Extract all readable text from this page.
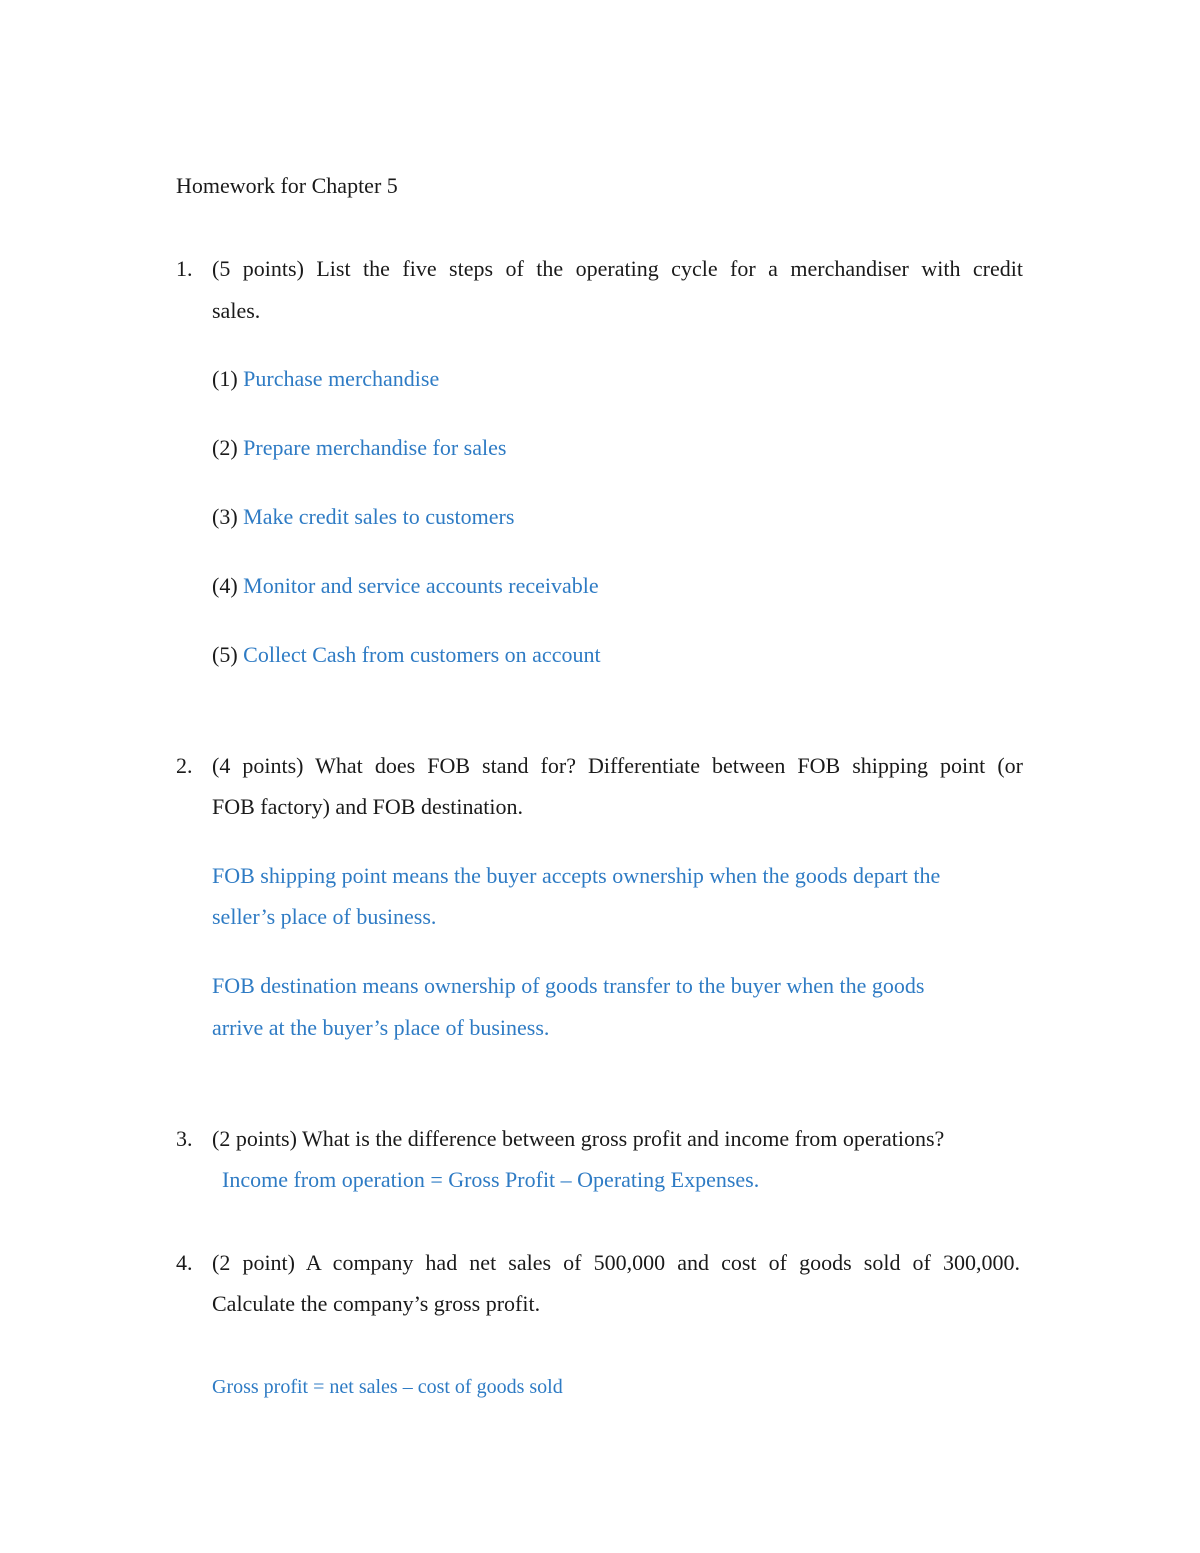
Homework for Chapter 5
1. (5 points) List the five steps of the operating cycle for a merchandiser with credit
sales.
(1) Purchase merchandise
(2) Prepare merchandise for sales
(3) Make credit sales to customers
(4) Monitor and service accounts receivable
(5) Collect Cash from customers on account
2. (4 points) What does FOB stand for? Differentiate between FOB shipping point (or
FOB factory) and FOB destination.
FOB shipping point means the buyer accepts ownership when the goods depart the
seller’s place of business.
FOB destination means ownership of goods transfer to the buyer when the goods
arrive at the buyer’s place of business.
3. (2 points) What is the difference between gross profit and income from operations?
Income from operation = Gross Profit – Operating Expenses.
4. (2 point) A company had net sales of 500,000 and cost of goods sold of 300,000.
Calculate the company’s gross profit.
Gross profit = net sales – cost of goods sold
